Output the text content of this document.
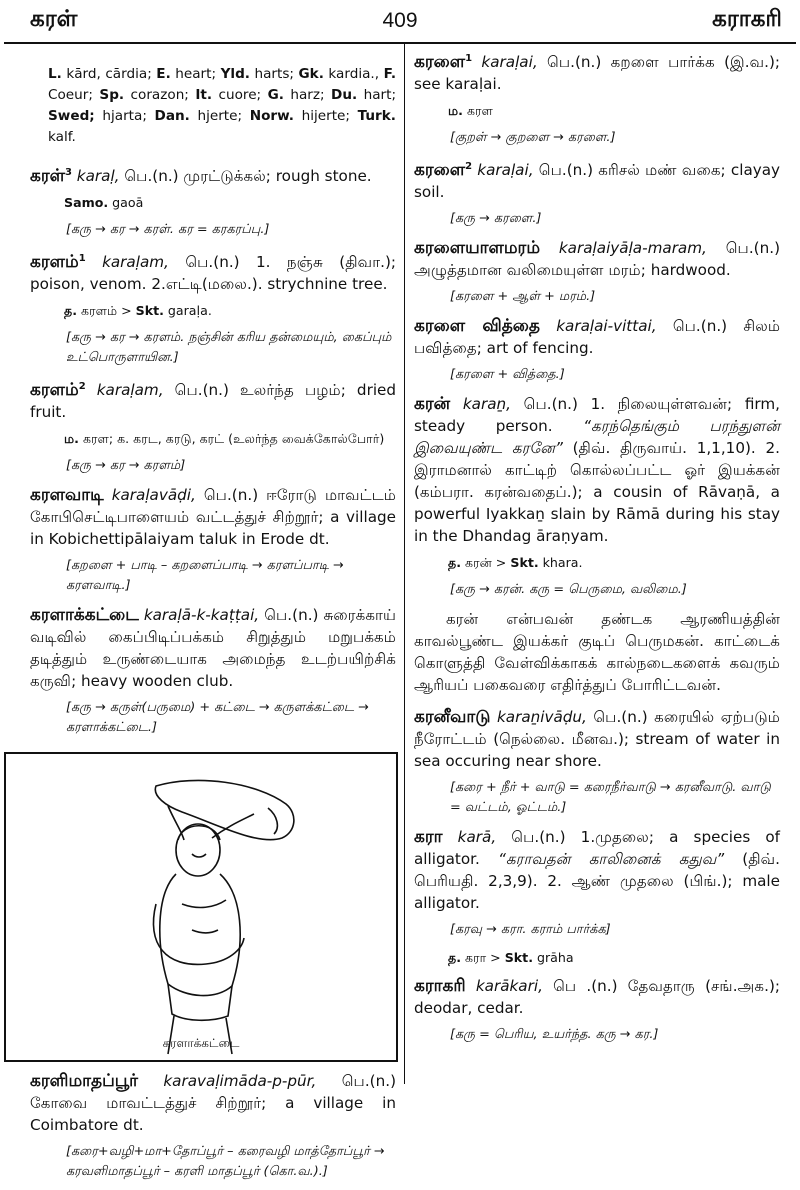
கரள்	409	கராகரி
L. kārd, cārdia; E. heart; Yld. harts; Gk. kardia., F. Coeur; Sp. corazon; It. cuore; G. harz; Du. hart; Swed; hjarta; Dan. hjerte; Norw. hijerte; Turk. kalf.
கரள்$^3$ karaḷ, பெ.(n.) முரட்டுக்கல்; rough stone.
Samo. gaoā
[கரு → கர → கரள். கர = கரகரப்பு.]
கரளம்$^1$ karaḷam, பெ.(n.) 1. நஞ்சு (திவா.); poison, venom. 2.எட்டி(மலை.). strychnine tree.
த. கரளம் > Skt. garaḷa.
[கரு → கர → கரளம். நஞ்சின் கரிய தன்மையும், கைப்பும் உட்பொருளாயின.]
கரளம்$^2$ karaḷam, பெ.(n.) உலர்ந்த பழம்; dried fruit.
ம. கரள; க. கரட, கரடு, கரட் (உலர்ந்த வைக்கோல்போர்)
[கரு → கர → கரளம்]
கரளவாடி karaḷavāḍi, பெ.(n.) ஈரோடு மாவட்டம் கோபிசெட்டிபாளையம் வட்டத்துச் சிற்றூர்; a village in Kobichettipālaiyam taluk in Erode dt.
[கறளை + பாடி – கறளைப்பாடி → கரளப்பாடி → கரளவாடி.]
கரளாக்கட்டை karaḷā-k-kaṭṭai, பெ.(n.) சுரைக்காய் வடிவில் கைப்பிடிப்பக்கம் சிறுத்தும் மறுபக்கம் தடித்தும் உருண்டையாக அமைந்த உடற்பயிற்சிக் கருவி; heavy wooden club.
[கரு → கருள்(பருமை) + கட்டை → கருளக்கட்டை → கரளாக்கட்டை.]
கரளாக்கட்டை
கரளிமாதப்பூர் karavaḷimāda-p-pūr, பெ.(n.) கோவை மாவட்டத்துச் சிற்றூர்; a village in Coimbatore dt.
[கரை+வழி+மா+தோப்பூர் – கரைவழி மாத்தோப்பூர் → கரவளிமாதப்பூர் – கரளி மாதப்பூர் (கொ.வ.).]
கரளை$^1$ karaḷai, பெ.(n.) கறளை பார்க்க (இ.வ.); see karaḷai.
ம. கரள
[குறள் → குறளை → கரளை.]
கரளை$^2$ karaḷai, பெ.(n.) கரிசல் மண் வகை; clayay soil.
[கரு → கரளை.]
கரளையாளமரம் karaḷaiyāḷa-maram, பெ.(n.) அழுத்தமான வலிமையுள்ள மரம்; hardwood.
[கரளை + ஆள் + மரம்.]
கரளை வித்தை karaḷai-vittai, பெ.(n.) சிலம் பவித்தை; art of fencing.
[கரளை + வித்தை.]
கரன் karaṉ, பெ.(n.) 1. நிலையுள்ளவன்; firm, steady person. “கரந்தெங்கும் பரந்துளன் இவையுண்ட கரனே” (திவ். திருவாய். 1,1,10). 2. இராமனால் காட்டிற் கொல்லப்பட்ட ஓர் இயக்கன் (கம்பரா. கரன்வதைப்.); a cousin of Rāvaṇā, a powerful Iyakkaṉ slain by Rāmā during his stay in the Dhandag āraṇyam.
த. கரன் > Skt. khara.
[கரு → கரன். கரு = பெருமை, வலிமை.]
கரன் என்பவன் தண்டக ஆரணியத்தின் காவல்பூண்ட இயக்கர் குடிப் பெருமகன். காட்டைக் கொளுத்தி வேள்விக்காகக் கால்நடைகளைக் கவரும் ஆரியப் பகைவரை எதிர்த்துப் போரிட்டவன்.
கரனீவாடு karaṉivāḍu, பெ.(n.) கரையில் ஏற்படும் நீரோட்டம் (நெல்லை. மீனவ.); stream of water in sea occuring near shore.
[கரை + நீர் + வாடு = கரைநீர்வாடு → கரனீவாடு. வாடு = வட்டம், ஓட்டம்.]
கரா karā, பெ.(n.) 1.முதலை; a species of alligator. “கராவதன் காலினைக் கதுவ” (திவ். பெரியதி. 2,3,9). 2. ஆண் முதலை (பிங்.); male alligator.
[கரவு → கரா. கராம் பார்க்க]
த. கரா > Skt. grāha
கராகரி karākari, பெ .(n.) தேவதாரு (சங்.அக.); deodar, cedar.
[கரு = பெரிய, உயர்ந்த. கரு → கர.]
